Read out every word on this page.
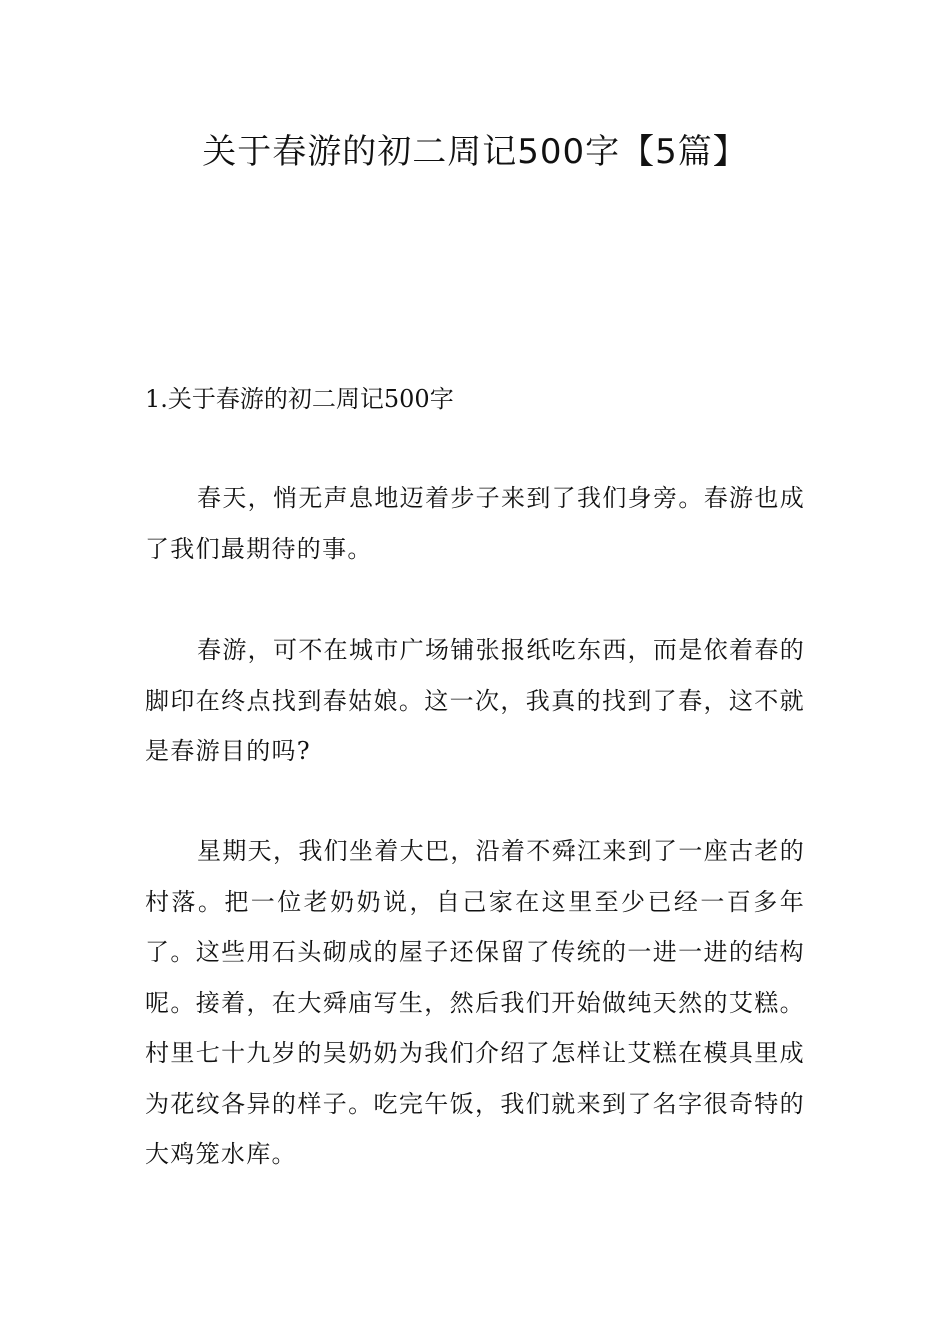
关于春游的初二周记500字【5篇】
1.关于春游的初二周记500字

春天，悄无声息地迈着步子来到了我们身旁。春游也成了我们最期待的事。

春游，可不在城市广场铺张报纸吃东西，而是依着春的脚印在终点找到春姑娘。这一次，我真的找到了春，这不就是春游目的吗?

星期天，我们坐着大巴，沿着不舜江来到了一座古老的村落。把一位老奶奶说，自己家在这里至少已经一百多年了。这些用石头砌成的屋子还保留了传统的一进一进的结构呢。接着，在大舜庙写生，然后我们开始做纯天然的艾糕。村里七十九岁的吴奶奶为我们介绍了怎样让艾糕在模具里成为花纹各异的样子。吃完午饭，我们就来到了名字很奇特的大鸡笼水库。
